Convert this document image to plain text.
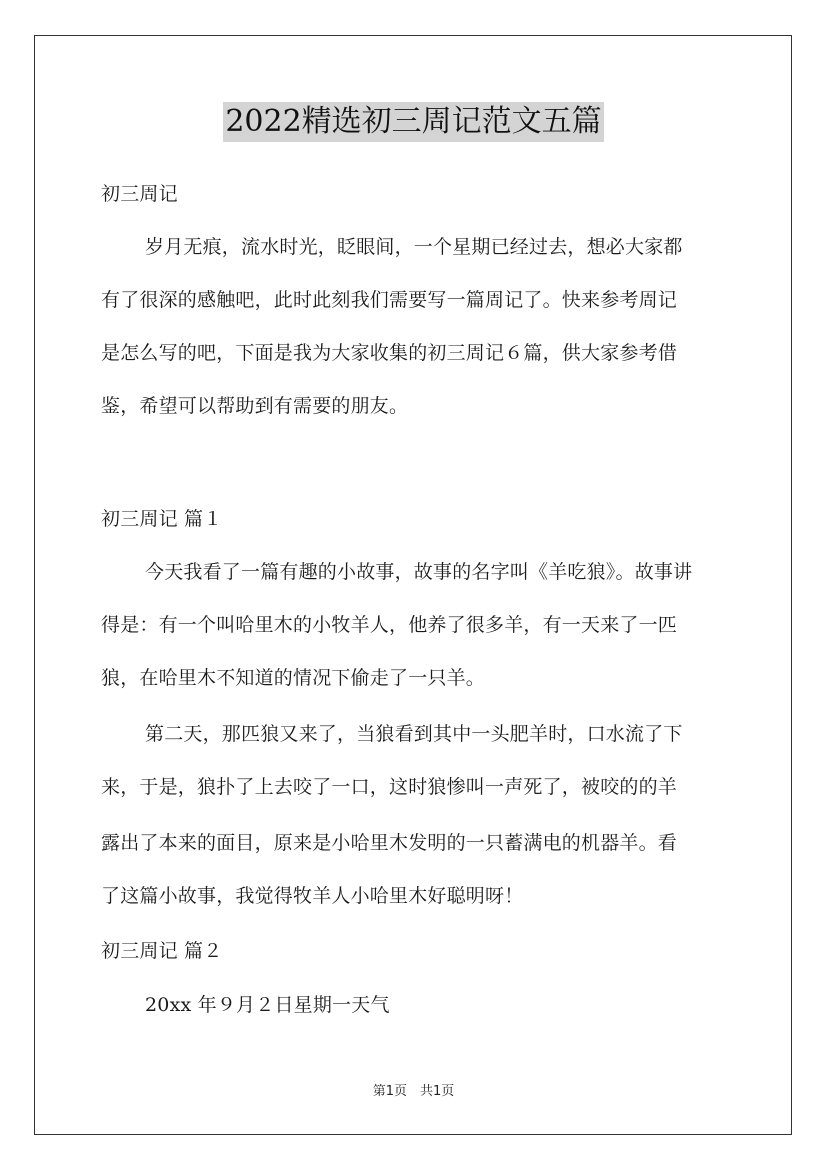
2022精选初三周记范文五篇
初三周记
岁月无痕，流水时光，眨眼间，一个星期已经过去，想必大家都
有了很深的感触吧，此时此刻我们需要写一篇周记了。快来参考周记
是怎么写的吧，下面是我为大家收集的初三周记６篇，供大家参考借
鉴，希望可以帮助到有需要的朋友。
初三周记 篇１
今天我看了一篇有趣的小故事，故事的名字叫《羊吃狼》。故事讲
得是：有一个叫哈里木的小牧羊人，他养了很多羊，有一天来了一匹
狼，在哈里木不知道的情况下偷走了一只羊。
第二天，那匹狼又来了，当狼看到其中一头肥羊时，口水流了下
来，于是，狼扑了上去咬了一口，这时狼惨叫一声死了，被咬的的羊
露出了本来的面目，原来是小哈里木发明的一只蓄满电的机器羊。看
了这篇小故事，我觉得牧羊人小哈里木好聪明呀！
初三周记 篇２
20xx 年９月２日星期一天气
第1页　共1页
